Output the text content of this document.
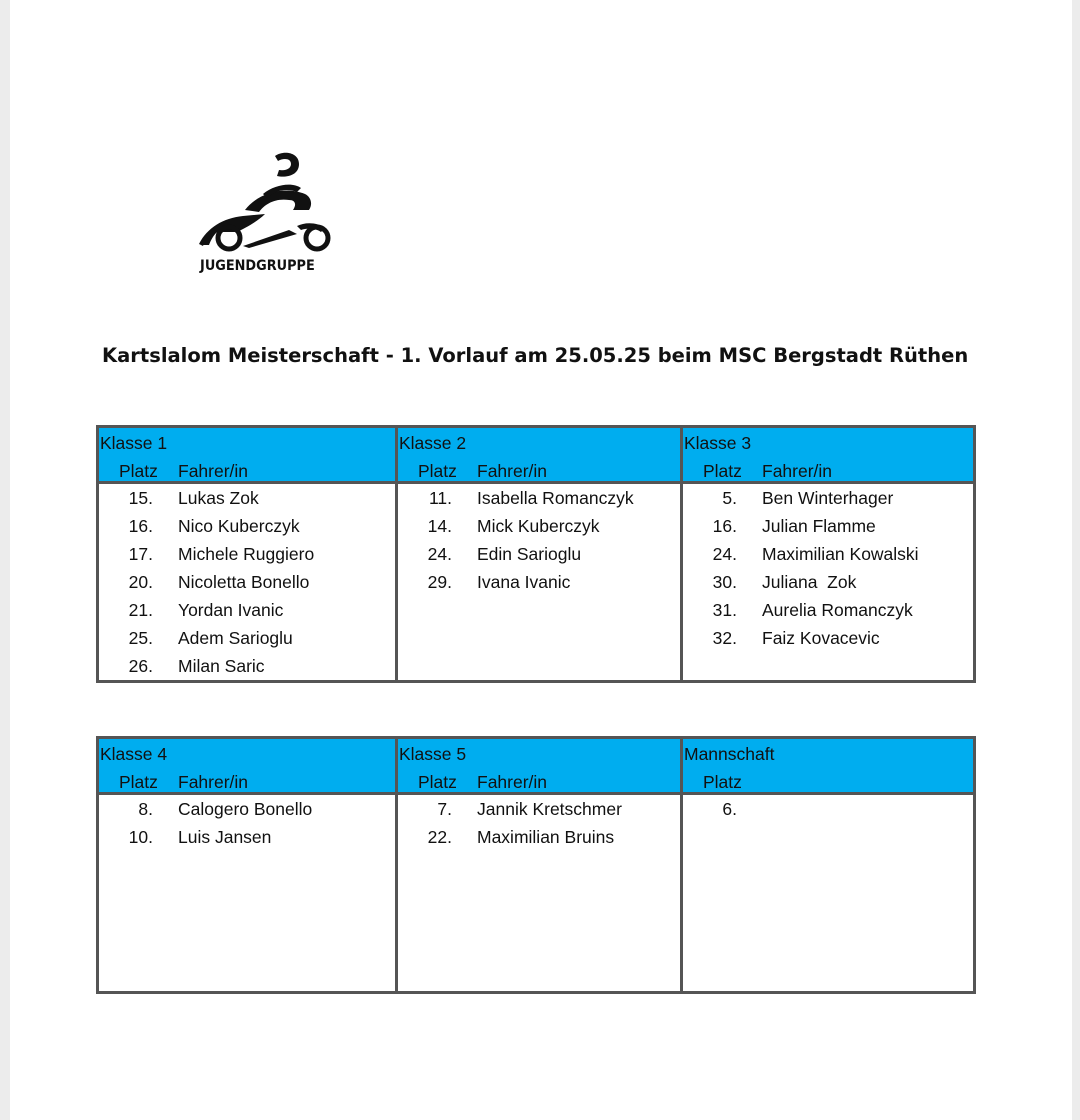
JUGENDGRUPPE
Kartslalom Meisterschaft - 1. Vorlauf am 25.05.25 beim MSC Bergstadt Rüthen
Klasse 1
Platz Fahrer/in
15. Lukas Zok
16. Nico Kuberczyk
17. Michele Ruggiero
20. Nicoletta Bonello
21. Yordan Ivanic
25. Adem Sarioglu
26. Milan Saric
Klasse 2
Platz Fahrer/in
11. Isabella Romanczyk
14. Mick Kuberczyk
24. Edin Sarioglu
29. Ivana Ivanic
Klasse 3
Platz Fahrer/in
5. Ben Winterhager
16. Julian Flamme
24. Maximilian Kowalski
30. Juliana  Zok
31. Aurelia Romanczyk
32. Faiz Kovacevic
Klasse 4
Platz Fahrer/in
8. Calogero Bonello
10. Luis Jansen
Klasse 5
Platz Fahrer/in
7. Jannik Kretschmer
22. Maximilian Bruins
Mannschaft
Platz
6.
